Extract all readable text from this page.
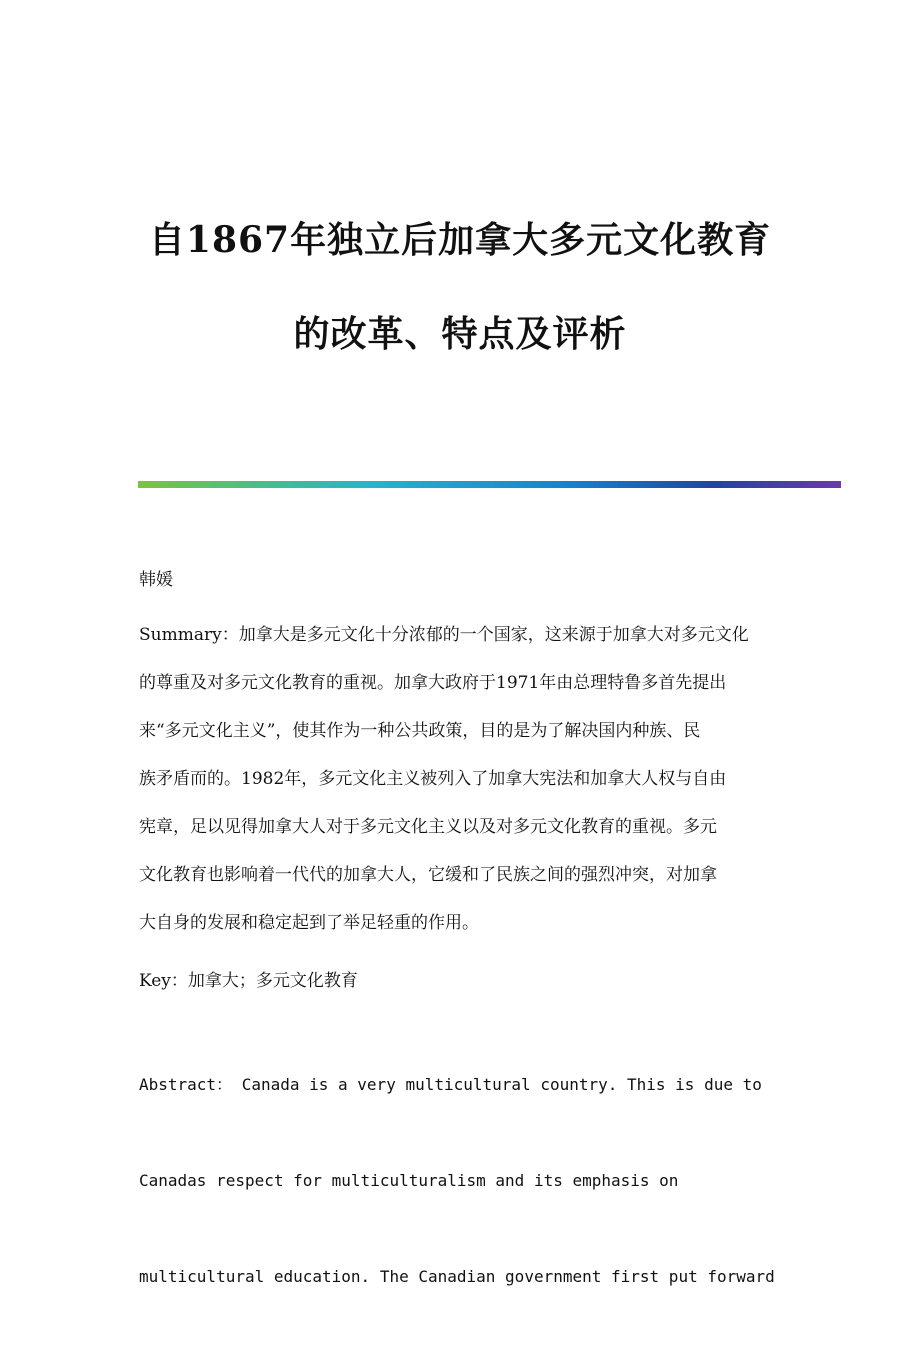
自1867年独立后加拿大多元文化教育
的改革、特点及评析
韩媛
Summary：加拿大是多元文化十分浓郁的一个国家，这来源于加拿大对多元文化
的尊重及对多元文化教育的重视。加拿大政府于1971年由总理特鲁多首先提出
来“多元文化主义”，使其作为一种公共政策，目的是为了解决国内种族、民
族矛盾而的。1982年，多元文化主义被列入了加拿大宪法和加拿大人权与自由
宪章，足以见得加拿大人对于多元文化主义以及对多元文化教育的重视。多元
文化教育也影响着一代代的加拿大人，它缓和了民族之间的强烈冲突，对加拿
大自身的发展和稳定起到了举足轻重的作用。
Key：加拿大；多元文化教育

Abstract： Canada is a very multicultural country. This is due to

Canadas respect for multiculturalism and its emphasis on

multicultural education. The Canadian government first put forward
